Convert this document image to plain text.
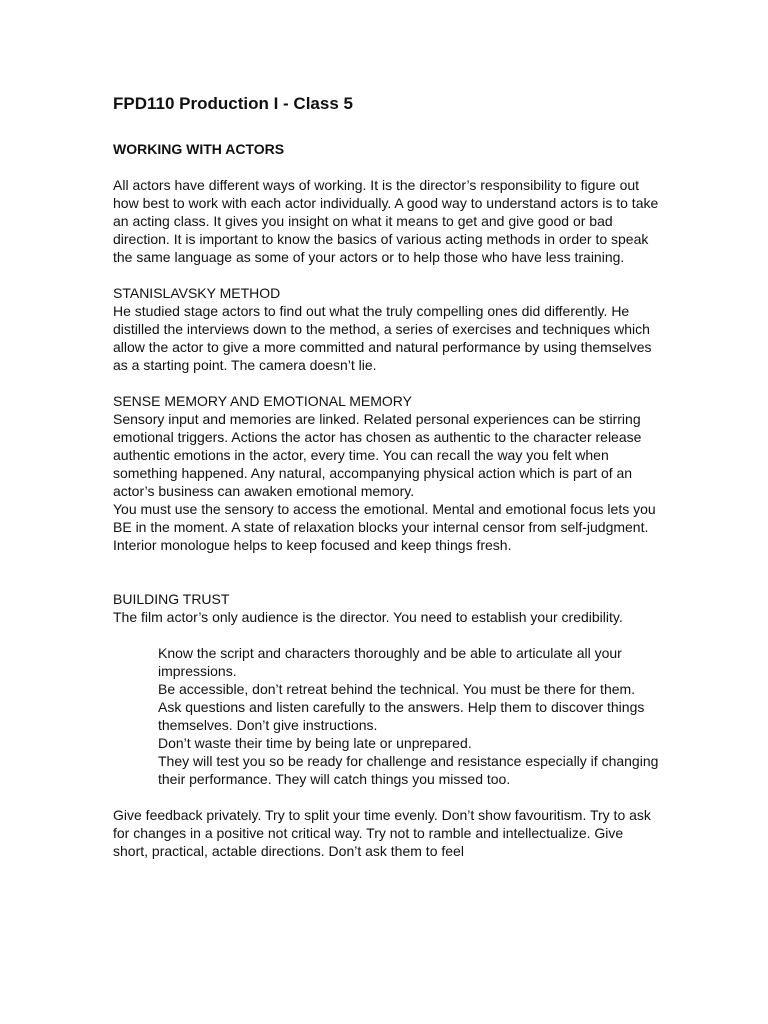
FPD110 Production I - Class 5
WORKING WITH ACTORS

All actors have different ways of working. It is the director’s responsibility to figure out how best to work with each actor individually. A good way to understand actors is to take an acting class. It gives you insight on what it means to get and give good or bad direction. It is important to know the basics of various acting methods in order to speak the same language as some of your actors or to help those who have less training.

STANISLAVSKY METHOD

He studied stage actors to find out what the truly compelling ones did differently. He distilled the interviews down to the method, a series of exercises and techniques which allow the actor to give a more committed and natural performance by using themselves as a starting point. The camera doesn’t lie.

SENSE MEMORY AND EMOTIONAL MEMORY

Sensory input and memories are linked. Related personal experiences can be stirring emotional triggers. Actions the actor has chosen as authentic to the character release authentic emotions in the actor, every time. You can recall the way you felt when something happened. Any natural, accompanying physical action which is part of an actor’s business can awaken emotional memory.

You must use the sensory to access the emotional. Mental and emotional focus lets you BE in the moment. A state of relaxation blocks your internal censor from self-judgment. Interior monologue helps to keep focused and keep things fresh.

BUILDING TRUST

The film actor’s only audience is the director. You need to establish your credibility.

Know the script and characters thoroughly and be able to articulate all your impressions.
Be accessible, don’t retreat behind the technical. You must be there for them.
Ask questions and listen carefully to the answers. Help them to discover things themselves. Don’t give instructions.
Don’t waste their time by being late or unprepared.
They will test you so be ready for challenge and resistance especially if changing their performance. They will catch things you missed too.

Give feedback privately. Try to split your time evenly. Don’t show favouritism. Try to ask for changes in a positive not critical way. Try not to ramble and intellectualize. Give short, practical, actable directions. Don’t ask them to feel
